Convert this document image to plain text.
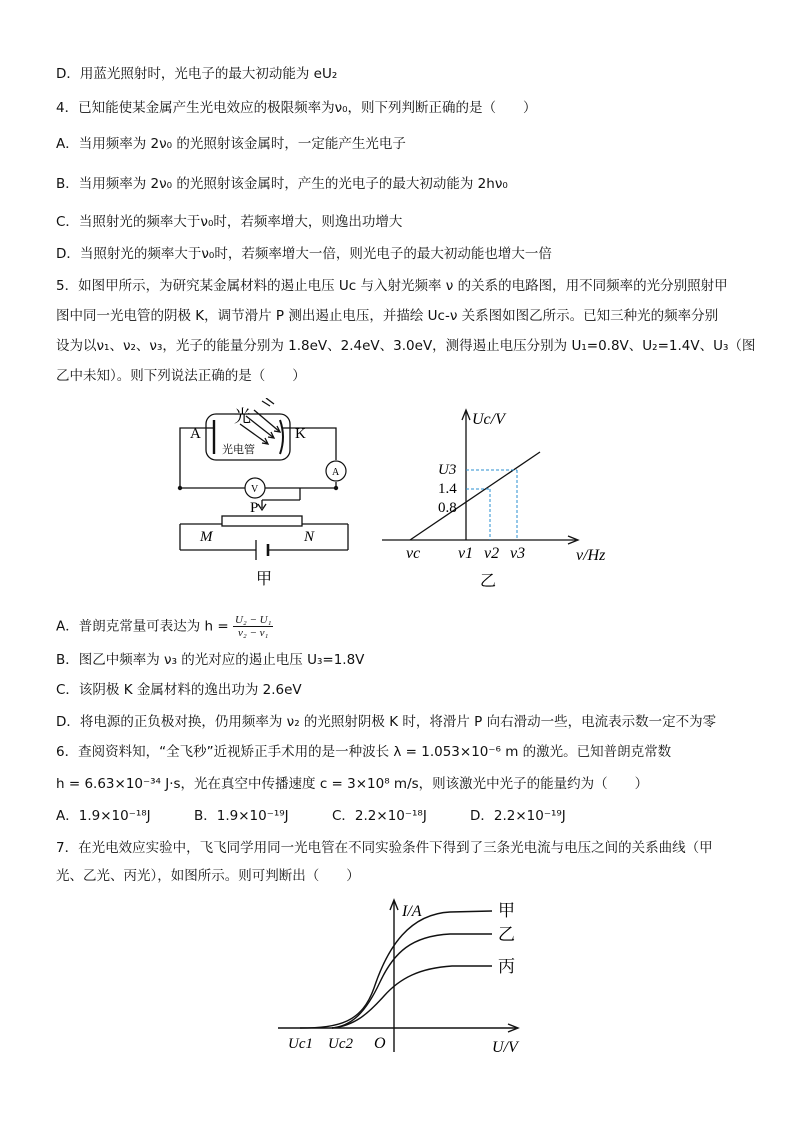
D．用蓝光照射时，光电子的最大初动能为 eU₂
4．已知能使某金属产生光电效应的极限频率为ν₀，则下列判断正确的是（　　）
A．当用频率为 2ν₀ 的光照射该金属时，一定能产生光电子
B．当用频率为 2ν₀ 的光照射该金属时，产生的光电子的最大初动能为 2hν₀
C．当照射光的频率大于ν₀时，若频率增大，则逸出功增大
D．当照射光的频率大于ν₀时，若频率增大一倍，则光电子的最大初动能也增大一倍
5．如图甲所示，为研究某金属材料的遏止电压 Uc 与入射光频率 ν 的关系的电路图，用不同频率的光分别照射甲
图中同一光电管的阴极 K，调节滑片 P 测出遏止电压，并描绘 Uc-ν 关系图如图乙所示。已知三种光的频率分别
设为以ν₁、ν₂、ν₃，光子的能量分别为 1.8eV、2.4eV、3.0eV，测得遏止电压分别为 U₁=0.8V、U₂=1.4V、U₃（图
乙中未知）。则下列说法正确的是（　　）
光
A	K
光电管
A
V
P
M	N
甲
Uc/V
ν/Hz
U3
1.4
0.8
νc ν1 ν2 ν3
乙
A．普朗克常量可表达为 $h = \frac{\text{U₂ − U₁}}{\text{ν₂ − ν₁}}$
B．图乙中频率为 ν₃ 的光对应的遏止电压 U₃=1.8V
C．该阴极 K 金属材料的逸出功为 2.6eV
D．将电源的正负极对换，仍用频率为 ν₂ 的光照射阴极 K 时，将滑片 P 向右滑动一些，电流表示数一定不为零
6．查阅资料知，“全飞秒”近视矫正手术用的是一种波长 λ = 1.053×10⁻⁶ m 的激光。已知普朗克常数
h = 6.63×10⁻³⁴ J·s，光在真空中传播速度 c = 3×10⁸ m/s，则该激光中光子的能量约为（　　）
A．1.9×10⁻¹⁸J	B．1.9×10⁻¹⁹J	C．2.2×10⁻¹⁸J	D．2.2×10⁻¹⁹J
7．在光电效应实验中，飞飞同学用同一光电管在不同实验条件下得到了三条光电流与电压之间的关系曲线（甲
光、乙光、丙光），如图所示。则可判断出（　　）
I/A
U/V
O
Uc1 Uc2
甲
乙
丙
